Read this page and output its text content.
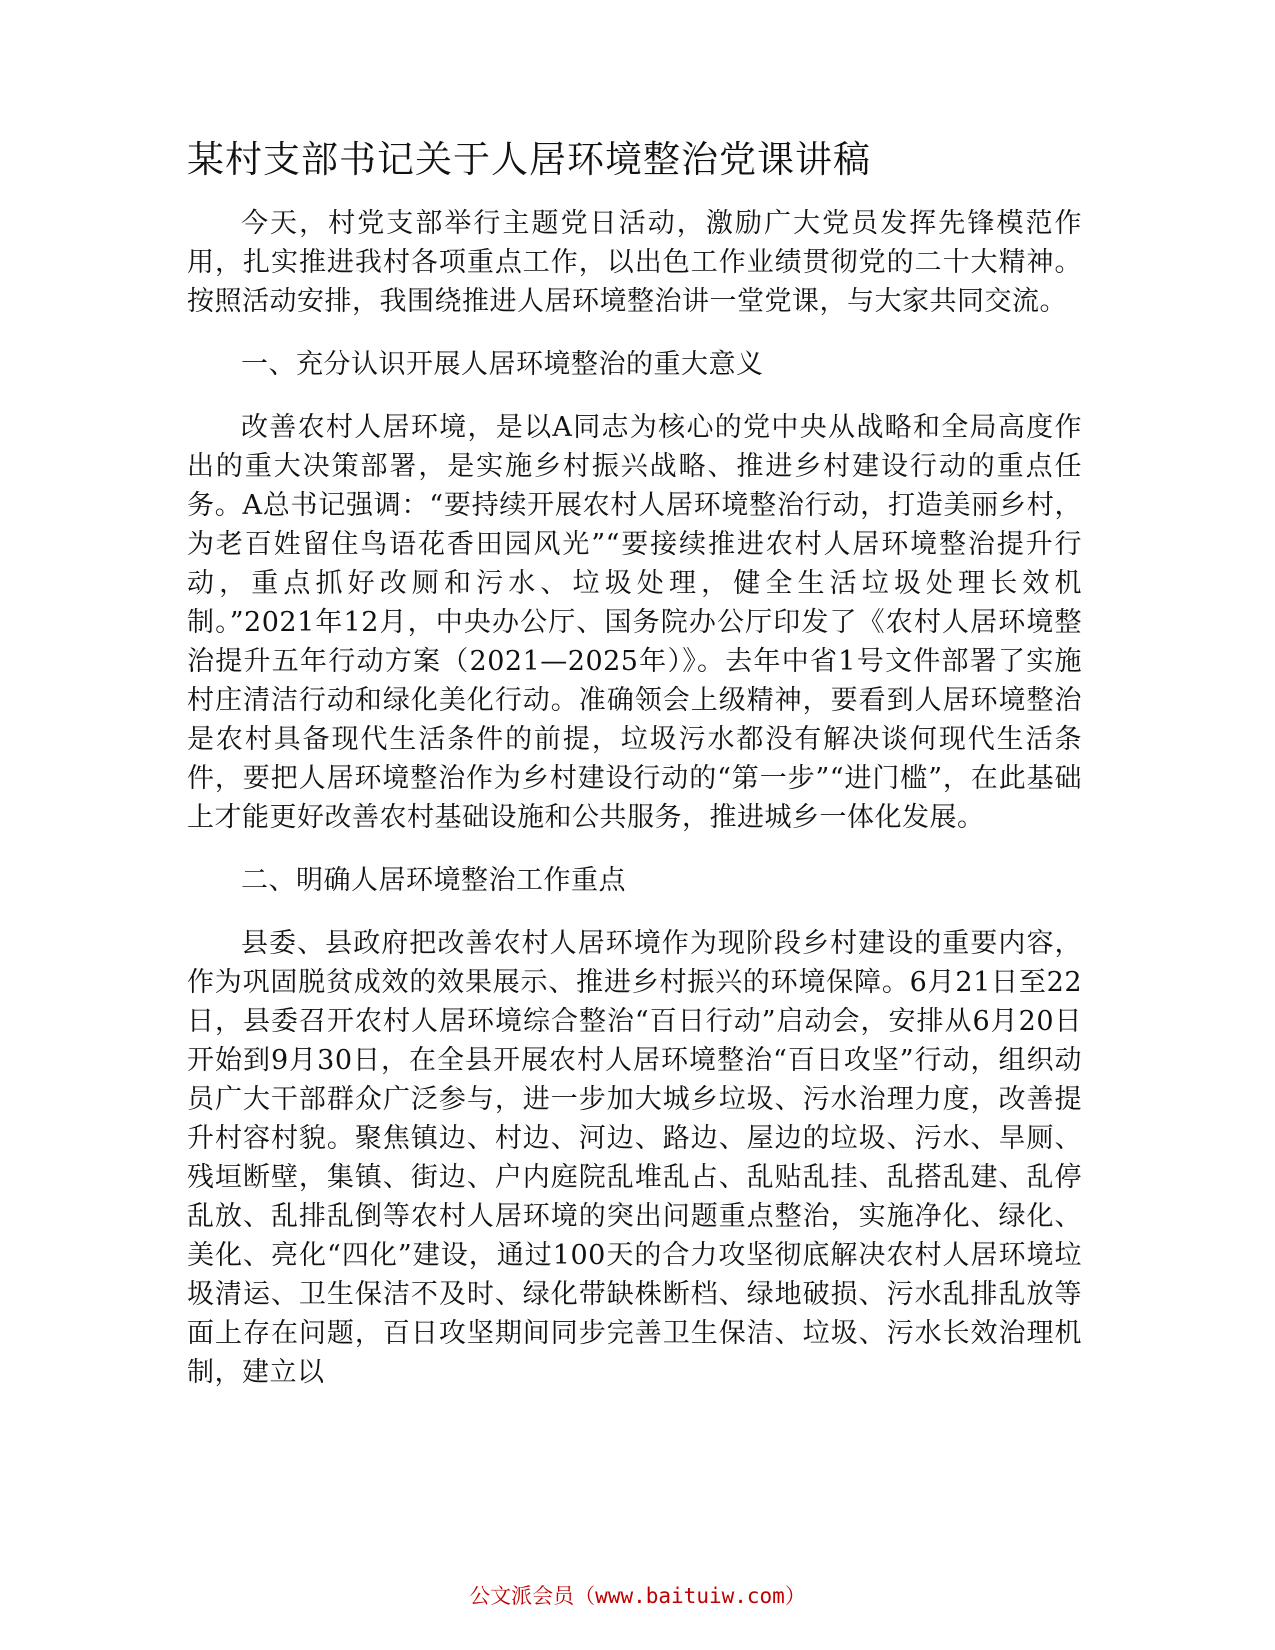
某村支部书记关于人居环境整治党课讲稿

今天，村党支部举行主题党日活动，激励广大党员发挥先锋模范作用，扎实推进我村各项重点工作，以出色工作业绩贯彻党的二十大精神。按照活动安排，我围绕推进人居环境整治讲一堂党课，与大家共同交流。

一、充分认识开展人居环境整治的重大意义

改善农村人居环境，是以A同志为核心的党中央从战略和全局高度作出的重大决策部署，是实施乡村振兴战略、推进乡村建设行动的重点任务。A总书记强调：“要持续开展农村人居环境整治行动，打造美丽乡村，为老百姓留住鸟语花香田园风光”“要接续推进农村人居环境整治提升行动，重点抓好改厕和污水、垃圾处理，健全生活垃圾处理长效机制。”2021年12月，中央办公厅、国务院办公厅印发了《农村人居环境整治提升五年行动方案（2021—2025年）》。去年中省1号文件部署了实施村庄清洁行动和绿化美化行动。准确领会上级精神，要看到人居环境整治是农村具备现代生活条件的前提，垃圾污水都没有解决谈何现代生活条件，要把人居环境整治作为乡村建设行动的“第一步”“进门槛”，在此基础上才能更好改善农村基础设施和公共服务，推进城乡一体化发展。

二、明确人居环境整治工作重点

县委、县政府把改善农村人居环境作为现阶段乡村建设的重要内容，作为巩固脱贫成效的效果展示、推进乡村振兴的环境保障。6月21日至22日，县委召开农村人居环境综合整治“百日行动”启动会，安排从6月20日开始到9月30日，在全县开展农村人居环境整治“百日攻坚”行动，组织动员广大干部群众广泛参与，进一步加大城乡垃圾、污水治理力度，改善提升村容村貌。聚焦镇边、村边、河边、路边、屋边的垃圾、污水、旱厕、残垣断壁，集镇、街边、户内庭院乱堆乱占、乱贴乱挂、乱搭乱建、乱停乱放、乱排乱倒等农村人居环境的突出问题重点整治，实施净化、绿化、美化、亮化“四化”建设，通过100天的合力攻坚彻底解决农村人居环境垃圾清运、卫生保洁不及时、绿化带缺株断档、绿地破损、污水乱排乱放等面上存在问题，百日攻坚期间同步完善卫生保洁、垃圾、污水长效治理机制，建立以

公文派会员（www.baituiw.com）
